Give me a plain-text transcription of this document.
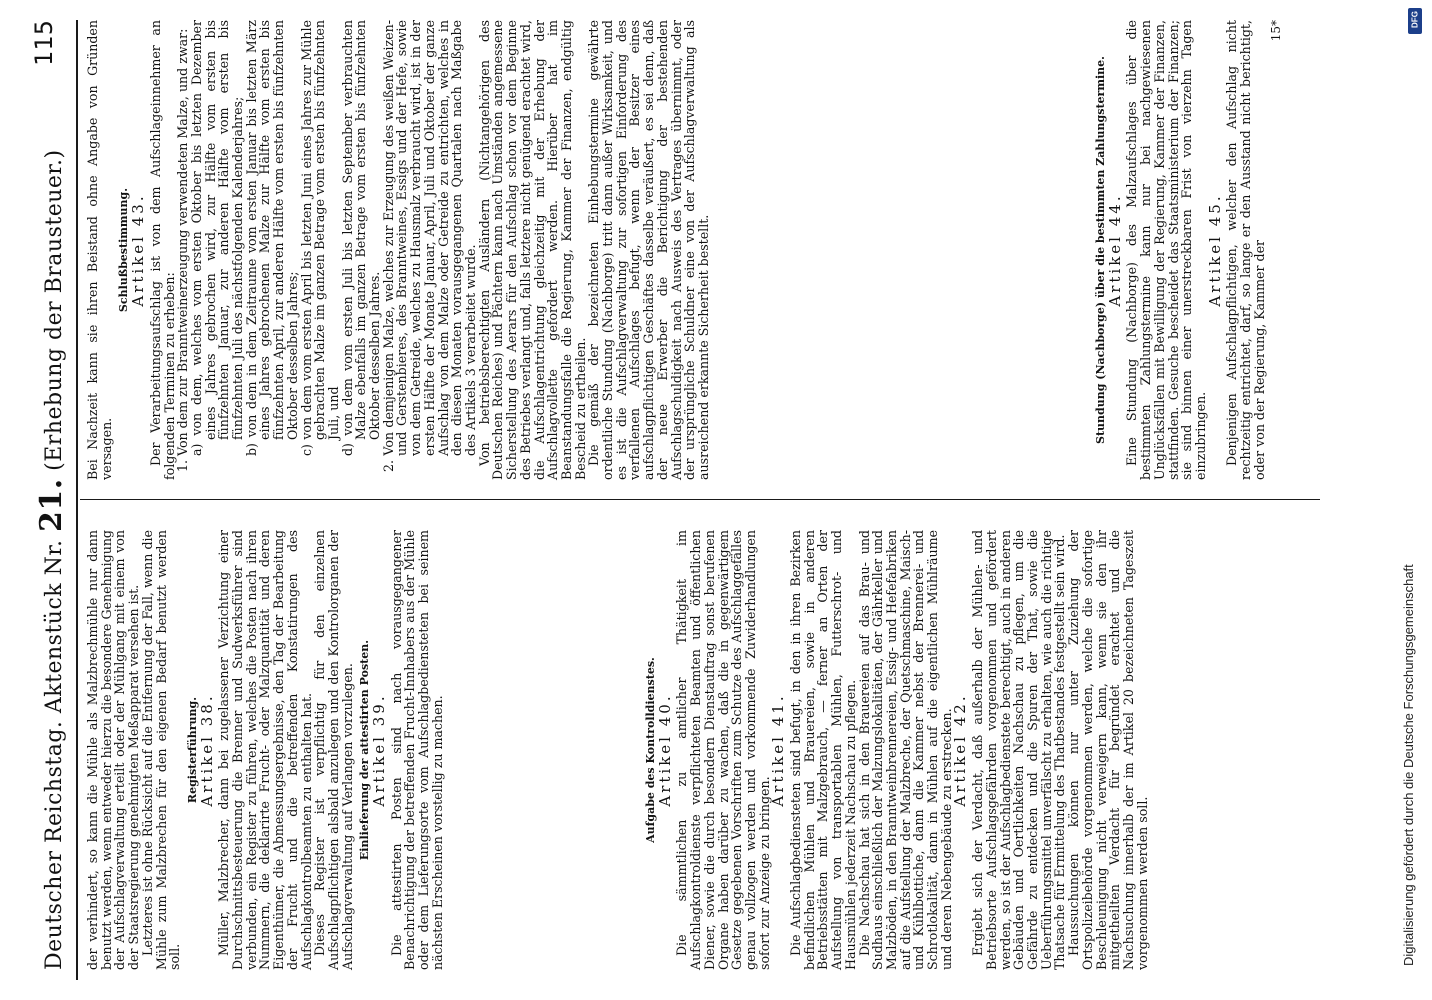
Deutscher Reichstag. Aktenstück Nr. 21. (Erhebung der Brausteuer.)
115

der verhindert, so kann die Mühle als Malzbrechmühle nur dann benutzt werden, wenn entweder hierzu die besondere Genehmigung der Aufschlagverwaltung erteilt oder der Mühlgang mit einem von der Staatsregierung genehmigten Meßapparat versehen ist.

Letzteres ist ohne Rücksicht auf die Entfernung der Fall, wenn die Mühle zum Malzbrechen für den eigenen Bedarf benutzt werden soll.

Registerführung.

Artikel 38. Müller, Malzbrecher, dann bei zugelassener Verzichtung einer Durchschnittsbesteuerung die Brenner und Sudwerksführer sind verbunden, ein Register zu führen, welches die Posten nach ihren Nummern, die deklarirte Frucht- oder Malzquantität und deren Eigenthümer, die Abmessungsergebnisse, den Tag der Bearbeitung der Frucht und die betreffenden Konstatirungen des Aufschlagkontrolbeamten zu enthalten hat.

Dieses Register ist verpflichtig für den einzelnen Aufschlagpflichtigen alsbald anzulegen und den Kontrolorganen der Aufschlagverwaltung auf Verlangen vorzulegen. Einlieferung der attestirten Posten.

Artikel 39. Die attestirten Posten sind nach vorausgegangener Benachrichtigung der betreffenden Frucht-Innhabers aus der Mühle oder dem Lieferungsorte vom Aufschlagbediensteten bei seinem nächsten Erscheinen vorstellig zu machen.	Aufgabe des Kontrolldienstes.

Artikel 40. Die sämmtlichen zu amtlicher Thätigkeit im Aufschlagkontroldienste verpflichteten Beamten und öffentlichen Diener, sowie die durch besondern Dienstauftrag sonst berufenen Organe haben darüber zu wachen, daß die in gegenwärtigem Gesetze gegebenen Vorschriften zum Schutze des Aufschlaggefälles genau vollzogen werden und vorkommende Zuwiderhandlungen sofort zur Anzeige zu bringen.

Artikel 41. Die Aufschlagbediensteten sind befugt, in den in ihren Bezirken befindlichen Mühlen und Brauereien, sowie in anderen Betriebsstätten mit Malzgebrauch, — ferner an Orten der Aufstellung von transportablen Mühlen, Futterschrot- und Hausmühlen jederzeit Nachschau zu pflegen.

Die Nachschau hat sich in den Brauereien auf das Brau- und Sudhaus einschließlich der Malzungslokalitäten, der Gährkeller und Malzböden, in den Branntweinbrennereien, Essig- und Hefefabriken auf die Aufstellung der Malzbreche, der Quetschmaschine, Maisch- und Kühlbottiche, dann die Kammer nebst der Brennerei- und Schrotlokalität, dann in Mühlen auf die eigentlichen Mühlräume und deren Nebengebäude zu erstrecken.

Artikel 42. Ergiebt sich der Verdacht, daß außerhalb der Mühlen- und Betriebsorte Aufschlagsgefährden vorgenommen und gefördert werden, so ist der Aufschlagbedienstete berechtigt, auch in anderen Gebäuden und Oertlichkeiten Nachschau zu pflegen, um die Gefährde zu entdecken und die Spuren der That, sowie die Ueberführungsmittel unverfälscht zu erhalten, wie auch die richtige Thatsache für Ermittelung des Thatbestandes festgestellt sein wird.

Haussuchungen können nur unter Zuziehung der Ortspolizeibehörde vorgenommen werden, welche die sofortige Beschleunigung nicht verweigern kann, wenn sie den ihr mitgetheilten Verdacht für begründet erachtet und die Nachsuchung innerhalb der im Artikel 20 bezeichneten Tageszeit vorgenommen werden soll.

Bei Nachzeit kann sie ihren Beistand ohne Angabe von Gründen versagen.

Schlußbestimmung.

Artikel 43. Der Verarbeitungsaufschlag ist von dem Aufschlageinnehmer an folgenden Terminen zu erheben:

1. Von dem zur Branntweinerzeugung verwendeten Malze, und zwar:

a) von dem, welches vom ersten Oktober bis letzten Dezember eines Jahres gebrochen wird, zur Hälfte vom ersten bis fünfzehnten Januar, zur anderen Hälfte vom ersten bis fünfzehnten Juli des nächstfolgenden Kalenderjahres;

b) von dem in dem Zeitraume vom ersten Januar bis letzten März eines Jahres gebrochenen Malze zur Hälfte vom ersten bis fünfzehnten April, zur anderen Hälfte vom ersten bis fünfzehnten Oktober desselben Jahres;

c) von dem vom ersten April bis letzten Juni eines Jahres zur Mühle gebrachten Malze im ganzen Betrage vom ersten bis fünfzehnten Juli, und

d) von dem vom ersten Juli bis letzten September verbrauchten Malze ebenfalls im ganzen Betrage vom ersten bis fünfzehnten Oktober desselben Jahres.

2. Von demjenigen Malze, welches zur Erzeugung des weißen Weizen- und Gerstenbieres, des Branntweines, Essigs und der Hefe, sowie von dem Getreide, welches zu Hausmalz verbraucht wird, ist in der ersten Hälfte der Monate Januar, April, Juli und Oktober der ganze Aufschlag von dem Malze oder Getreide zu entrichten, welches in den diesen Monaten vorausgegangenen Quartalen nach Maßgabe des Artikels 3 verarbeitet wurde.

Von betriebsberechtigten Ausländern (Nichtangehörigen des Deutschen Reiches) und Pächtern kann nach Umständen angemessene Sicherstellung des Aerars für den Aufschlag schon vor dem Beginne des Betriebes verlangt und, falls letztere nicht genügend erachtet wird, die Aufschlagentrichtung gleichzeitig mit der Erhebung der Aufschlagvollette gefordert werden. Hierüber hat im Beanstandungsfalle die Regierung, Kammer der Finanzen, endgültig Bescheid zu ertheilen.

Die gemäß der bezeichneten Einhebungstermine gewährte ordentliche Stundung (Nachborge) tritt dann außer Wirksamkeit, und es ist die Aufschlagverwaltung zur sofortigen Einforderung des verfallenen Aufschlages befugt, wenn der Besitzer eines aufschlagpflichtigen Geschäftes dasselbe veräußert, es sei denn, daß der neue Erwerber die Berichtigung der bestehenden Aufschlagschuldigkeit nach Ausweis des Vertrages übernimmt, oder der ursprüngliche Schuldner eine von der Aufschlagverwaltung als ausreichend erkannte Sicherheit bestellt.	Stundung (Nachborge) über die bestimmten Zahlungstermine.

Artikel 44. Eine Stundung (Nachborge) des Malzaufschlages über die bestimmten Zahlungstermine kann nur bei nachgewiesenen Unglücksfällen mit Bewilligung der Regierung, Kammer der Finanzen, stattfinden. Gesuche bescheidet das Staatsministerium der Finanzen; sie sind binnen einer unerstreckbaren Frist von vierzehn Tagen einzubringen.

Artikel 45. Denjenigen Aufschlagpflichtigen, welcher den Aufschlag nicht rechtzeitig entrichtet, darf, so lange er den Ausstand nicht berichtigt, oder von der Regierung, Kammer der

15*

Digitalisierung gefördert durch die Deutsche Forschungsgemeinschaft
DFG
